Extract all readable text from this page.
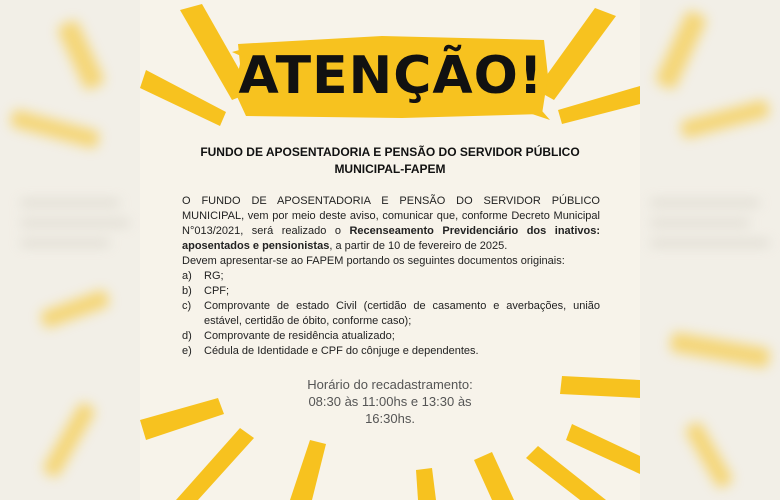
ATENÇÃO!
FUNDO DE APOSENTADORIA E PENSÃO DO SERVIDOR PÚBLICO
MUNICIPAL-FAPEM

O FUNDO DE APOSENTADORIA E PENSÃO DO SERVIDOR PÚBLICO MUNICIPAL, vem por meio deste aviso, comunicar que, conforme Decreto Municipal N°013/2021, será realizado o Recenseamento Previdenciário dos inativos: aposentados e pensionistas, a partir de 10 de fevereiro de 2025.

Devem apresentar-se ao FAPEM portando os seguintes documentos originais:

a)	RG;
b)	CPF;
c)	Comprovante de estado Civil (certidão de casamento e averbações, união estável, certidão de óbito, conforme caso);
d)	Comprovante de residência atualizado;
e)	Cédula de Identidade e CPF do cônjuge e dependentes.
Horário do recadastramento:
08:30 às 11:00hs e 13:30 às
16:30hs.
